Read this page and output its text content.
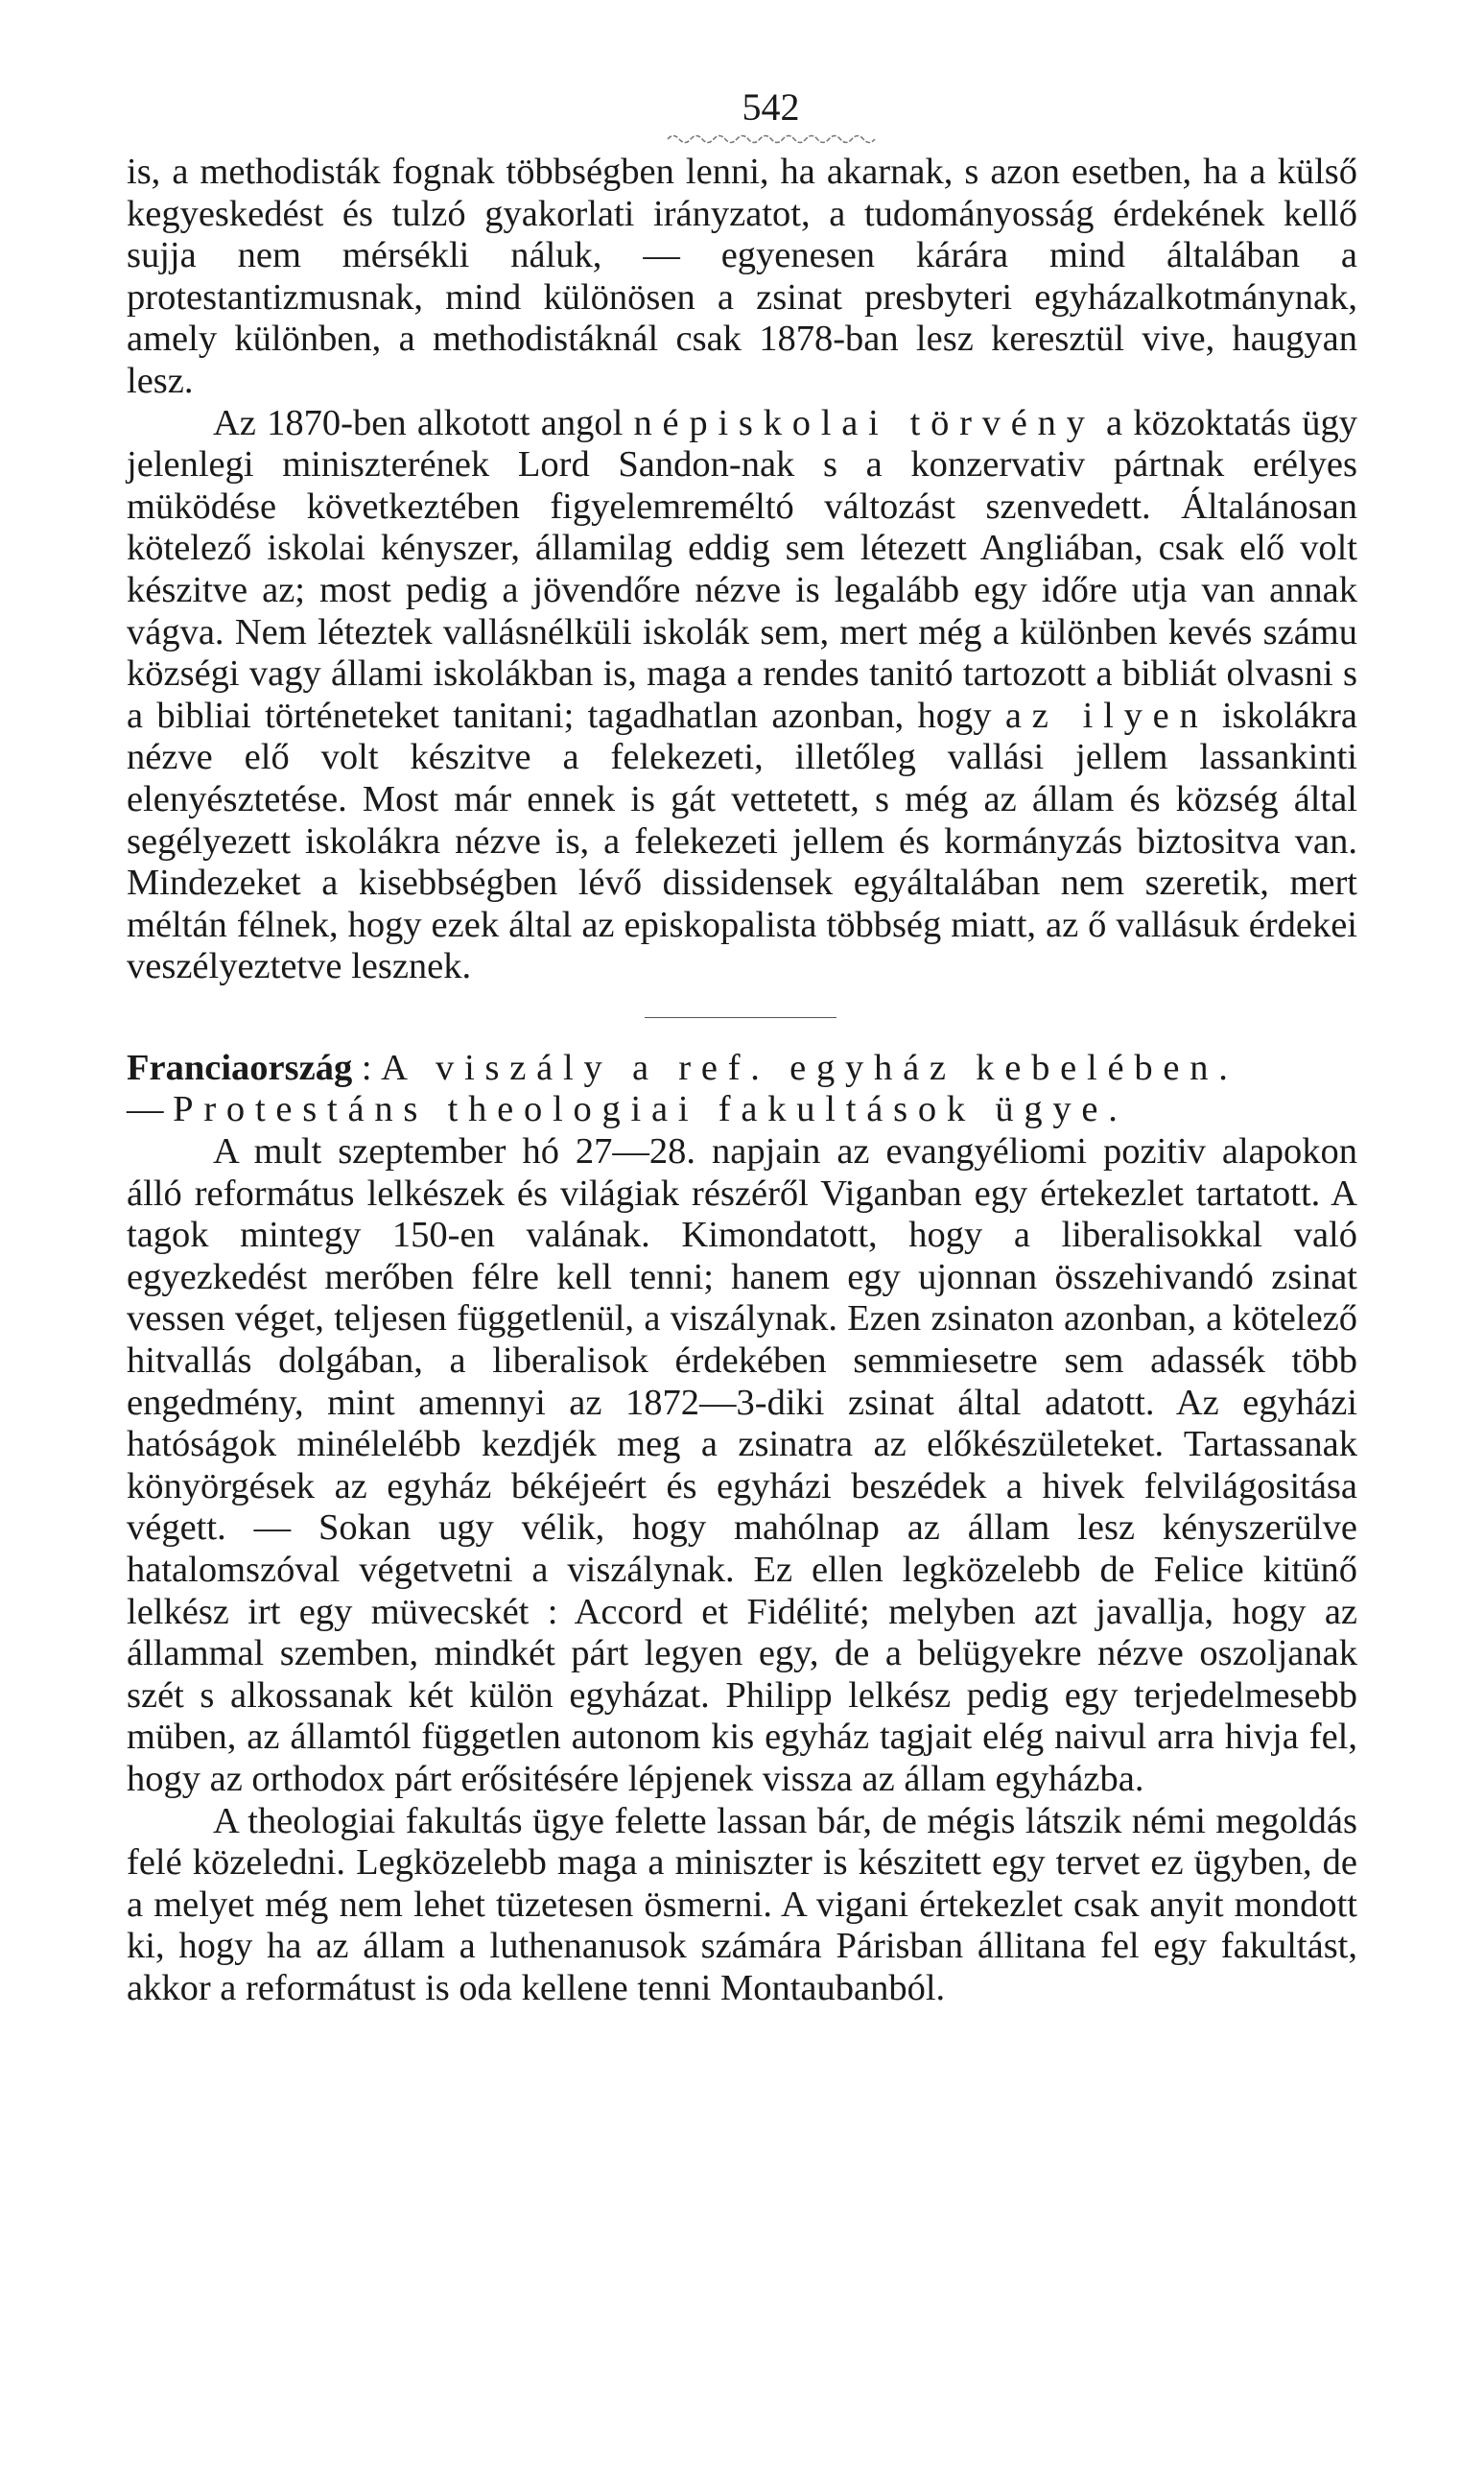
542

is, a methodisták fognak többségben lenni, ha akarnak, s azon esetben, ha a külső kegyeskedést és tulzó gyakorlati irányzatot, a tudományosság érdekének kellő sujja nem mérsékli náluk, — egyenesen kárára mind általában a protestantizmusnak, mind különösen a zsinat presbyteri egyházalkotmánynak, amely különben, a methodistáknál csak 1878-ban lesz keresztül vive, haugyan lesz.

Az 1870-ben alkotott angol népiskolai törvény a közoktatás ügy jelenlegi miniszterének Lord Sandon-nak s a konzervativ pártnak erélyes müködése következtében figyelemreméltó változást szenvedett. Általánosan kötelező iskolai kényszer, államilag eddig sem létezett Angliában, csak elő volt készitve az; most pedig a jövendőre nézve is legalább egy időre utja van annak vágva. Nem léteztek vallásnélküli iskolák sem, mert még a különben kevés számu községi vagy állami iskolákban is, maga a rendes tanitó tartozott a bibliát olvasni s a bibliai történeteket tanitani; tagadhatlan azonban, hogy az ilyen iskolákra nézve elő volt készitve a felekezeti, illetőleg vallási jellem lassankinti elenyésztetése. Most már ennek is gát vettetett, s még az állam és község által segélyezett iskolákra nézve is, a felekezeti jellem és kormányzás biztositva van. Mindezeket a kisebbségben lévő dissidensek egyáltalában nem szeretik, mert méltán félnek, hogy ezek által az episkopalista többség miatt, az ő vallásuk érdekei veszélyeztetve lesznek.

Franciaország : A viszály a ref. egyház kebelében.
— Protestáns theologiai fakultások ügye.

A mult szeptember hó 27—28. napjain az evangyéliomi pozitiv alapokon álló református lelkészek és világiak részéről Viganban egy értekezlet tartatott. A tagok mintegy 150-en valának. Kimondatott, hogy a liberalisokkal való egyezkedést merőben félre kell tenni; hanem egy ujonnan összehivandó zsinat vessen véget, teljesen függetlenül, a viszálynak. Ezen zsinaton azonban, a kötelező hitvallás dolgában, a liberalisok érdekében semmiesetre sem adassék több engedmény, mint amennyi az 1872—3-diki zsinat által adatott. Az egyházi hatóságok minélelébb kezdjék meg a zsinatra az előkészületeket. Tartassanak könyörgések az egyház békéjeért és egyházi beszédek a hivek felvilágositása végett. — Sokan ugy vélik, hogy mahólnap az állam lesz kényszerülve hatalomszóval végetvetni a viszálynak. Ez ellen legközelebb de Felice kitünő lelkész irt egy müvecskét : Accord et Fidélité; melyben azt javallja, hogy az állammal szemben, mindkét párt legyen egy, de a belügyekre nézve oszoljanak szét s alkossanak két külön egyházat. Philipp lelkész pedig egy terjedelmesebb müben, az államtól független autonom kis egyház tagjait elég naivul arra hivja fel, hogy az orthodox párt erősitésére lépjenek vissza az állam egyházba.

A theologiai fakultás ügye felette lassan bár, de mégis látszik némi megoldás felé közeledni. Legközelebb maga a miniszter is készitett egy tervet ez ügyben, de a melyet még nem lehet tüzetesen ösmerni. A vigani értekezlet csak anyit mondott ki, hogy ha az állam a luthenanusok számára Párisban állitana fel egy fakultást, akkor a reformátust is oda kellene tenni Montaubanból.
